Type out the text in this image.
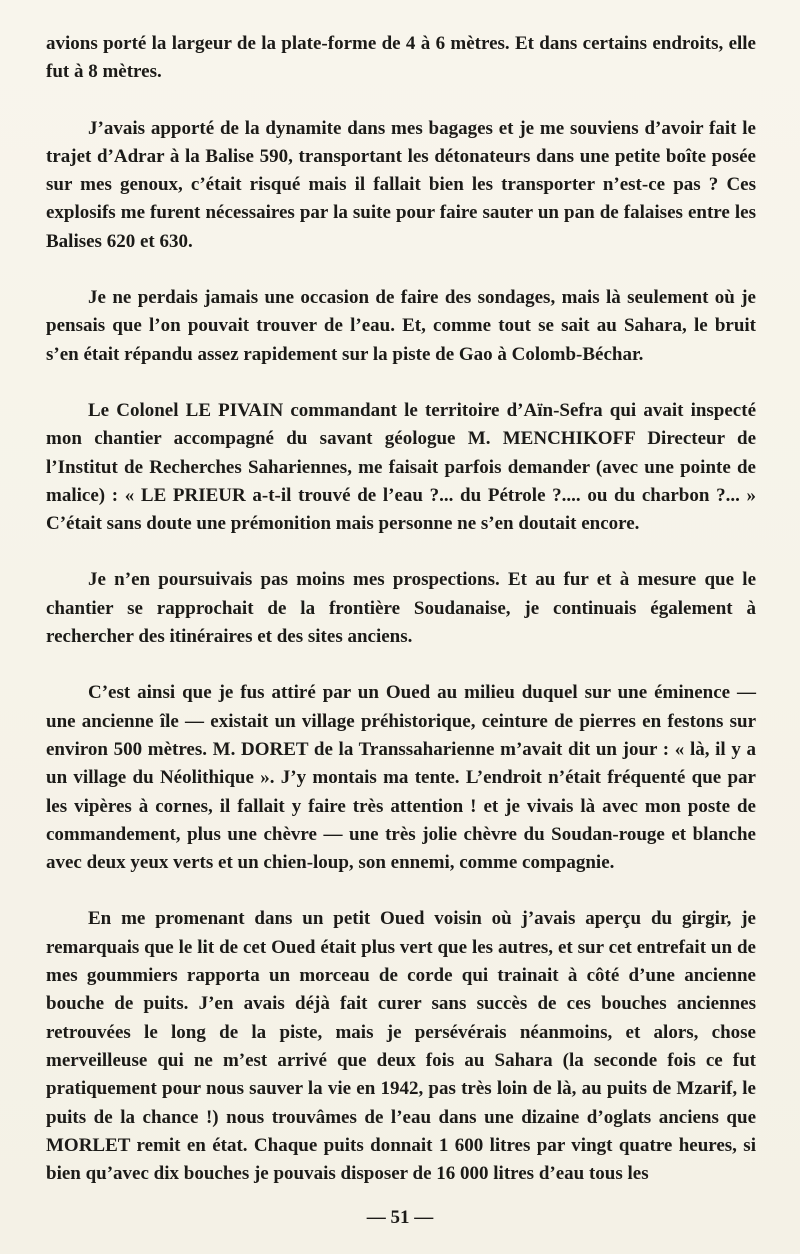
avions porté la largeur de la plate-forme de 4 à 6 mètres. Et dans certains endroits, elle fut à 8 mètres.

J’avais apporté de la dynamite dans mes bagages et je me souviens d’avoir fait le trajet d’Adrar à la Balise 590, transportant les détonateurs dans une petite boîte posée sur mes genoux, c’était risqué mais il fallait bien les transporter n’est-ce pas ? Ces explosifs me furent nécessaires par la suite pour faire sauter un pan de falaises entre les Balises 620 et 630.

Je ne perdais jamais une occasion de faire des sondages, mais là seulement où je pensais que l’on pouvait trouver de l’eau. Et, comme tout se sait au Sahara, le bruit s’en était répandu assez rapidement sur la piste de Gao à Colomb-Béchar.

Le Colonel LE PIVAIN commandant le territoire d’Aïn-Sefra qui avait inspecté mon chantier accompagné du savant géologue M. MENCHIKOFF Directeur de l’Institut de Recherches Sahariennes, me faisait parfois demander (avec une pointe de malice) : « LE PRIEUR a-t-il trouvé de l’eau ?... du Pétrole ?.... ou du charbon ?... » C’était sans doute une prémonition mais personne ne s’en doutait encore.

Je n’en poursuivais pas moins mes prospections. Et au fur et à mesure que le chantier se rapprochait de la frontière Soudanaise, je continuais également à rechercher des itinéraires et des sites anciens.

C’est ainsi que je fus attiré par un Oued au milieu duquel sur une éminence — une ancienne île — existait un village préhistorique, ceinture de pierres en festons sur environ 500 mètres. M. DORET de la Transsaharienne m’avait dit un jour : « là, il y a un village du Néolithique ». J’y montais ma tente. L’endroit n’était fréquenté que par les vipères à cornes, il fallait y faire très attention ! et je vivais là avec mon poste de commandement, plus une chèvre — une très jolie chèvre du Soudan-rouge et blanche avec deux yeux verts et un chien-loup, son ennemi, comme compagnie.

En me promenant dans un petit Oued voisin où j’avais aperçu du girgir, je remarquais que le lit de cet Oued était plus vert que les autres, et sur cet entrefait un de mes goummiers rapporta un morceau de corde qui trainait à côté d’une ancienne bouche de puits. J’en avais déjà fait curer sans succès de ces bouches anciennes retrouvées le long de la piste, mais je persévérais néanmoins, et alors, chose merveilleuse qui ne m’est arrivé que deux fois au Sahara (la seconde fois ce fut pratiquement pour nous sauver la vie en 1942, pas très loin de là, au puits de Mzarif, le puits de la chance !) nous trouvâmes de l’eau dans une dizaine d’oglats anciens que MORLET remit en état. Chaque puits donnait 1 600 litres par vingt quatre heures, si bien qu’avec dix bouches je pouvais disposer de 16 000 litres d’eau tous les

— 51 —
